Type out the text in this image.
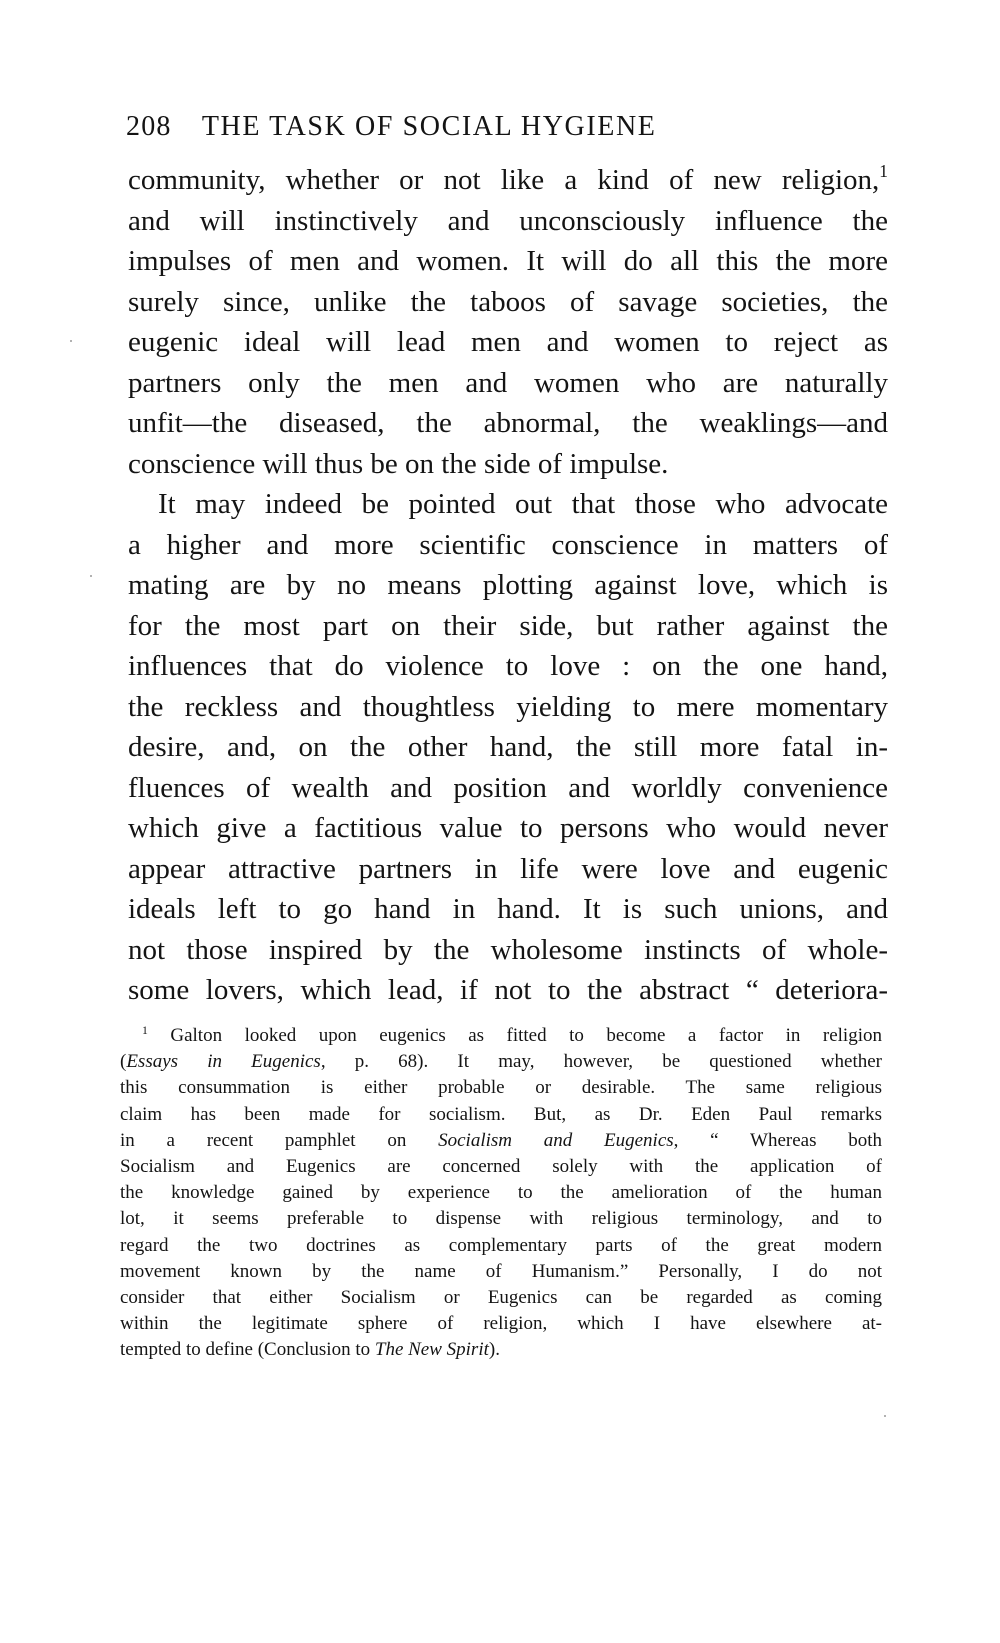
208 THE TASK OF SOCIAL HYGIENE
community, whether or not like a kind of new religion,$^1$
and will instinctively and unconsciously influence the
impulses of men and women. It will do all this the more
surely since, unlike the taboos of savage societies, the
eugenic ideal will lead men and women to reject as
partners only the men and women who are naturally
unfit—the diseased, the abnormal, the weaklings—and
conscience will thus be on the side of impulse.
It may indeed be pointed out that those who advocate
a higher and more scientific conscience in matters of
mating are by no means plotting against love, which is
for the most part on their side, but rather against the
influences that do violence to love : on the one hand,
the reckless and thoughtless yielding to mere momentary
desire, and, on the other hand, the still more fatal in-
fluences of wealth and position and worldly convenience
which give a factitious value to persons who would never
appear attractive partners in life were love and eugenic
ideals left to go hand in hand. It is such unions, and
not those inspired by the wholesome instincts of whole-
some lovers, which lead, if not to the abstract “ deteriora-
$^1$ Galton looked upon eugenics as fitted to become a factor in religion
(Essays in Eugenics, p. 68). It may, however, be questioned whether
this consummation is either probable or desirable. The same religious
claim has been made for socialism. But, as Dr. Eden Paul remarks
in a recent pamphlet on Socialism and Eugenics, “ Whereas both
Socialism and Eugenics are concerned solely with the application of
the knowledge gained by experience to the amelioration of the human
lot, it seems preferable to dispense with religious terminology, and to
regard the two doctrines as complementary parts of the great modern
movement known by the name of Humanism.” Personally, I do not
consider that either Socialism or Eugenics can be regarded as coming
within the legitimate sphere of religion, which I have elsewhere at-
tempted to define (Conclusion to The New Spirit).
